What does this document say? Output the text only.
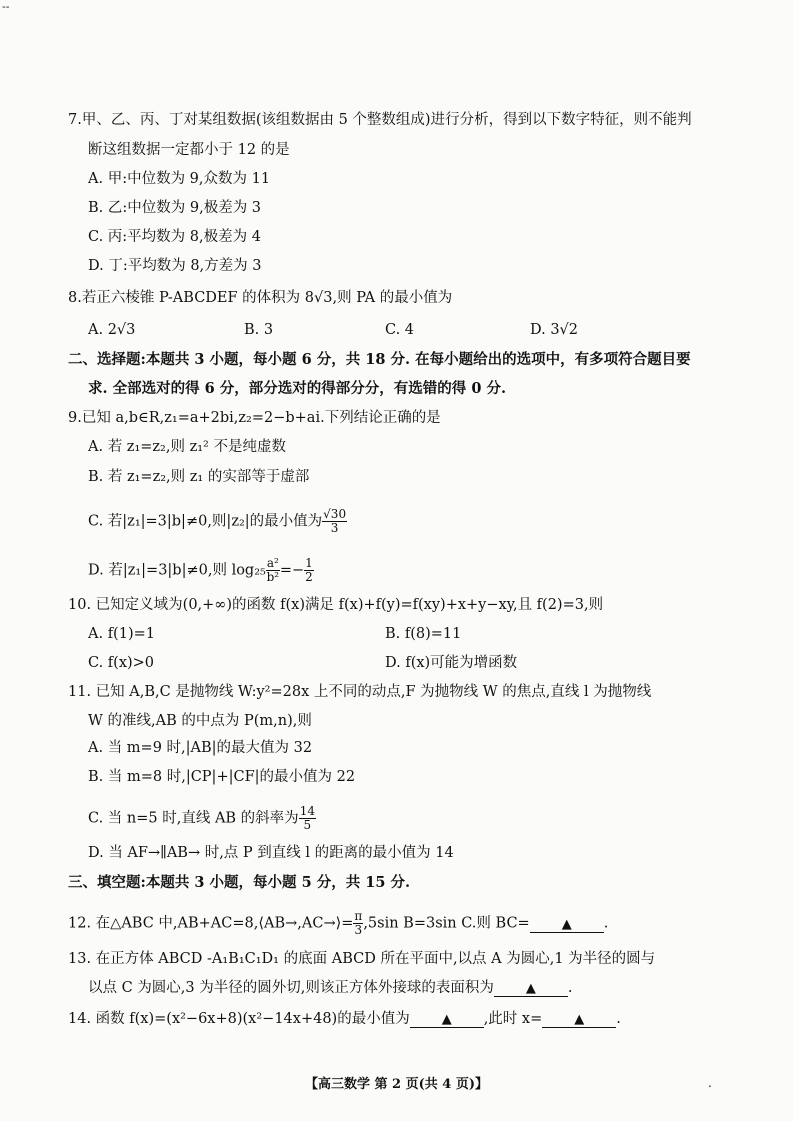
--
7.甲、乙、丙、丁对某组数据(该组数据由 5 个整数组成)进行分析，得到以下数字特征，则不能判
断这组数据一定都小于 12 的是
A. 甲:中位数为 9,众数为 11
B. 乙:中位数为 9,极差为 3
C. 丙:平均数为 8,极差为 4
D. 丁:平均数为 8,方差为 3
8.若正六棱锥 P-ABCDEF 的体积为 8√3,则 PA 的最小值为
A. 2√3	B. 3	C. 4	D. 3√2
二、选择题:本题共 3 小题，每小题 6 分，共 18 分. 在每小题给出的选项中，有多项符合题目要
求. 全部选对的得 6 分，部分选对的得部分分，有选错的得 0 分.
9.已知 a,b∈R,z₁=a+2bi,z₂=2−b+ai.下列结论正确的是
A. 若 z₁=z₂,则 z₁² 不是纯虚数
B. 若 z₁=z₂,则 z₁ 的实部等于虚部
C. 若|z₁|=3|b|≠0,则|z₂|的最小值为 $\frac{√30}{3}$
D. 若|z₁|=3|b|≠0,则 $\log_{25} \frac{\text{a²}}{\text{b²}} =- \frac{1}{2}$
10. 已知定义域为(0,+∞)的函数 f(x)满足 f(x)+f(y)=f(xy)+x+y−xy,且 f(2)=3,则
A. f(1)=1	B. f(8)=11
C. f(x)>0	D. f(x)可能为增函数
11. 已知 A,B,C 是抛物线 W:y²=28x 上不同的动点,F 为抛物线 W 的焦点,直线 l 为抛物线
W 的准线,AB 的中点为 P(m,n),则
A. 当 m=9 时,|AB|的最大值为 32
B. 当 m=8 时,|CP|+|CF|的最小值为 22
C. 当 n=5 时,直线 AB 的斜率为 $\frac{14}{5}$
D. 当 AF→∥AB→ 时,点 P 到直线 l 的距离的最小值为 14
三、填空题:本题共 3 小题，每小题 5 分，共 15 分.
12. 在△ABC 中,AB+AC=8,⟨AB→,AC→⟩= $\frac{\pi}{3} ,5\sin$ B=3sin C.则 BC= ▲ .
13. 在正方体 ABCD -A₁B₁C₁D₁ 的底面 ABCD 所在平面中,以点 A 为圆心,1 为半径的圆与
以点 C 为圆心,3 为半径的圆外切,则该正方体外接球的表面积为 ▲ .
14. 函数 f(x)=(x²−6x+8)(x²−14x+48)的最小值为 ▲ ,此时 x= ▲ .
【高三数学 第 2 页(共 4 页)】	.
